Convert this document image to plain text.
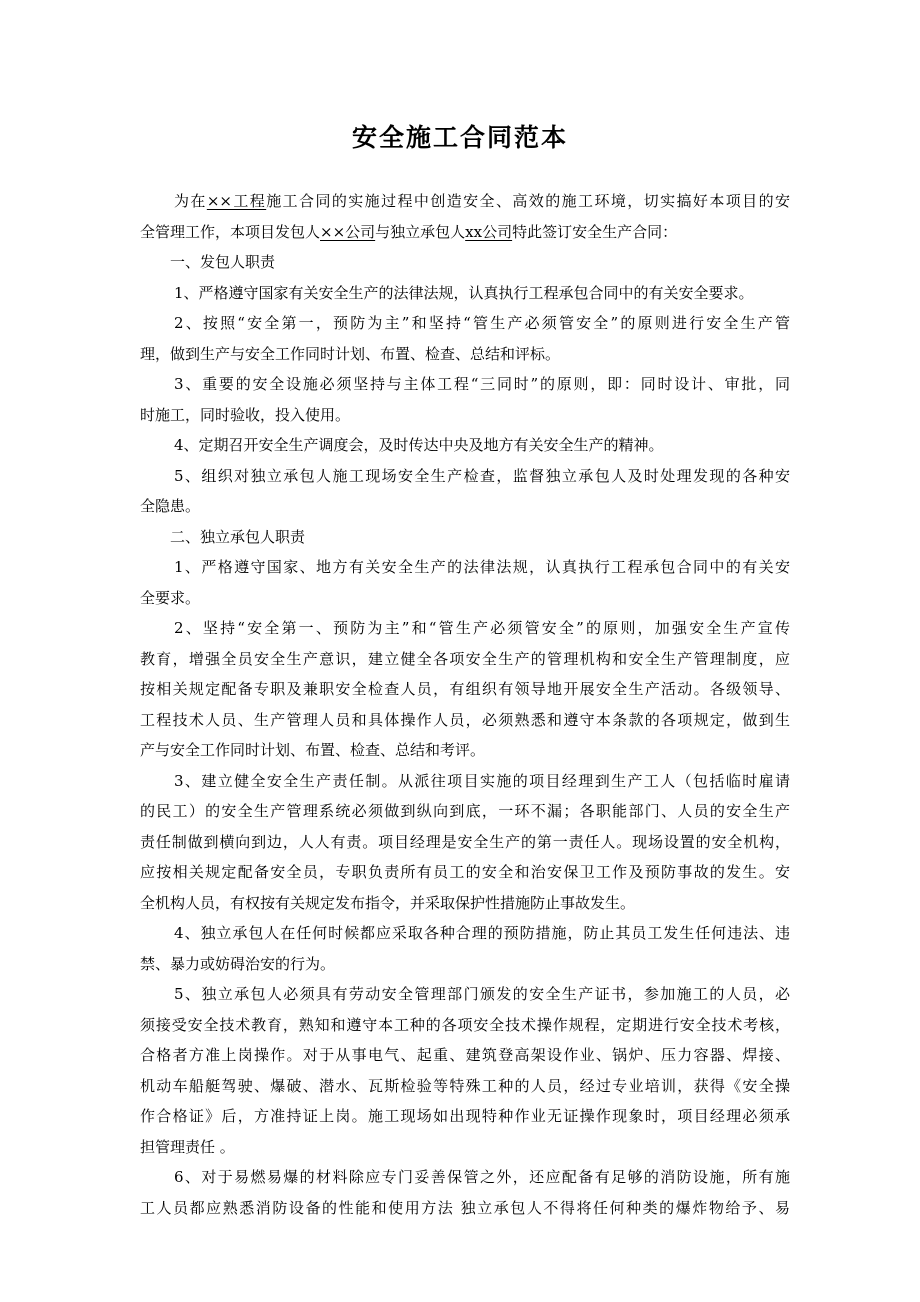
安全施工合同范本
为在××工程施工合同的实施过程中创造安全、高效的施工环境，切实搞好本项目的安
全管理工作，本项目发包人××公司与独立承包人xx公司特此签订安全生产合同：
一、发包人职责
1、严格遵守国家有关安全生产的法律法规，认真执行工程承包合同中的有关安全要求。
2、按照“安全第一，预防为主”和坚持“管生产必须管安全”的原则进行安全生产管
理，做到生产与安全工作同时计划、布置、检查、总结和评标。
3、重要的安全设施必须坚持与主体工程“三同时”的原则，即：同时设计、审批，同
时施工，同时验收，投入使用。
4、定期召开安全生产调度会，及时传达中央及地方有关安全生产的精神。
5、组织对独立承包人施工现场安全生产检查，监督独立承包人及时处理发现的各种安
全隐患。
二、独立承包人职责
1、严格遵守国家、地方有关安全生产的法律法规，认真执行工程承包合同中的有关安
全要求。
2、坚持“安全第一、预防为主”和“管生产必须管安全”的原则，加强安全生产宣传
教育，增强全员安全生产意识，建立健全各项安全生产的管理机构和安全生产管理制度，应
按相关规定配备专职及兼职安全检查人员，有组织有领导地开展安全生产活动。各级领导、
工程技术人员、生产管理人员和具体操作人员，必须熟悉和遵守本条款的各项规定，做到生
产与安全工作同时计划、布置、检查、总结和考评。
3、建立健全安全生产责任制。从派往项目实施的项目经理到生产工人（包括临时雇请
的民工）的安全生产管理系统必须做到纵向到底，一环不漏；各职能部门、人员的安全生产
责任制做到横向到边，人人有责。项目经理是安全生产的第一责任人。现场设置的安全机构，
应按相关规定配备安全员，专职负责所有员工的安全和治安保卫工作及预防事故的发生。安
全机构人员，有权按有关规定发布指令，并采取保护性措施防止事故发生。
4、独立承包人在任何时候都应采取各种合理的预防措施，防止其员工发生任何违法、违
禁、暴力或妨碍治安的行为。
5、独立承包人必须具有劳动安全管理部门颁发的安全生产证书，参加施工的人员，必
须接受安全技术教育，熟知和遵守本工种的各项安全技术操作规程，定期进行安全技术考核，
合格者方准上岗操作。对于从事电气、起重、建筑登高架设作业、锅炉、压力容器、焊接、
机动车船艇驾驶、爆破、潜水、瓦斯检验等特殊工种的人员，经过专业培训，获得《安全操
作合格证》后，方准持证上岗。施工现场如出现特种作业无证操作现象时，项目经理必须承
担管理责任 。
6、对于易燃易爆的材料除应专门妥善保管之外，还应配备有足够的消防设施，所有施
工人员都应熟悉消防设备的性能和使用方法 独立承包人不得将任何种类的爆炸物给予、易
